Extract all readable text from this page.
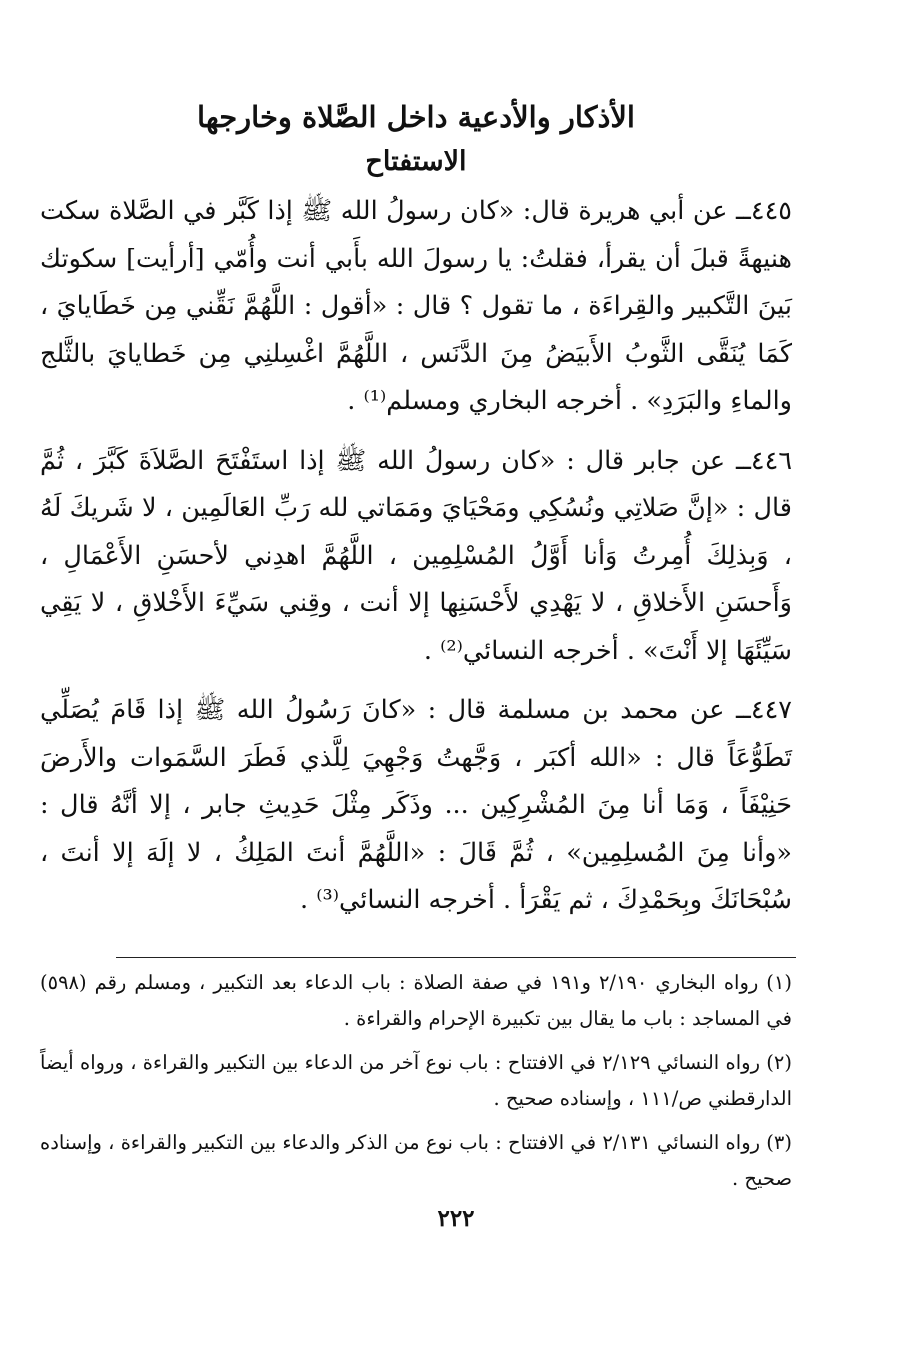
الأذكار والأدعية داخل الصَّلاة وخارجها
الاستفتاح

٤٤٥ــ عن أبي هريرة قال: «كان رسولُ الله ﷺ إذا كَبَّر في الصَّلاة سكت هنيهةً قبلَ أن يقرأ، فقلتُ: يا رسولَ الله بأَبي أنت وأُمّي [أرأيت] سكوتك بَينَ التَّكبير والقِراءَة ، ما تقول ؟ قال : «أقول : اللَّهُمَّ نَقِّني مِن خَطَايايَ ، كَمَا يُنَقَّى الثَّوبُ الأَبيَضُ مِنَ الدَّنَس ، اللَّهُمَّ اغْسِلنِي مِن خَطايايَ بالثَّلج والماءِ والبَرَدِ» . أخرجه البخاري ومسلم⁽¹⁾ .

٤٤٦ــ عن جابر قال : «كان رسولُ الله ﷺ إذا استَفْتَحَ الصَّلاَةَ كَبَّرَ ، ثُمَّ قال : «إنَّ صَلاتِي ونُسُكِي ومَحْيَايَ ومَمَاتي لله رَبِّ العَالَمِين ، لا شَريكَ لَهُ ، وَبِذلِكَ أُمِرتُ وَأنا أَوَّلُ المُسْلِمِين ، اللَّهُمَّ اهدِني لأحسَنِ الأَعْمَالِ ، وَأَحسَنِ الأَخلاقِ ، لا يَهْدِي لأَحْسَنِها إلا أنت ، وقِني سَيِّءَ الأَخْلاقِ ، لا يَقِي سَيِّئَهَا إلا أَنْتَ» . أخرجه النسائي⁽²⁾ .

٤٤٧ــ عن محمد بن مسلمة قال : «كانَ رَسُولُ الله ﷺ إذا قَامَ يُصَلِّي تَطَوُّعَاً قال : «الله أكبَر ، وَجَّهتُ وَجْهِيَ لِلَّذي فَطَرَ السَّمَوات والأَرضَ حَنِيْفَاً ، وَمَا أنا مِنَ المُشْرِكِين ... وذَكَر مِثْلَ حَدِيثِ جابر ، إلا أنَّهُ قال : «وأنا مِنَ المُسلِمِين» ، ثُمَّ قَالَ : «اللَّهُمَّ أنتَ المَلِكُ ، لا إلَهَ إلا أنتَ ، سُبْحَانَكَ وبِحَمْدِكَ ، ثم يَقْرَأ . أخرجه النسائي⁽³⁾ .

(١) رواه البخاري ٢/١٩٠ و١٩١ في صفة الصلاة : باب الدعاء بعد التكبير ، ومسلم رقم (٥٩٨) في المساجد : باب ما يقال بين تكبيرة الإحرام والقراءة .

(٢) رواه النسائي ٢/١٢٩ في الافتتاح : باب نوع آخر من الدعاء بين التكبير والقراءة ، ورواه أيضاً الدارقطني ص/١١١ ، وإسناده صحيح .

(٣) رواه النسائي ٢/١٣١ في الافتتاح : باب نوع من الذكر والدعاء بين التكبير والقراءة ، وإسناده صحيح .

٢٢٢
